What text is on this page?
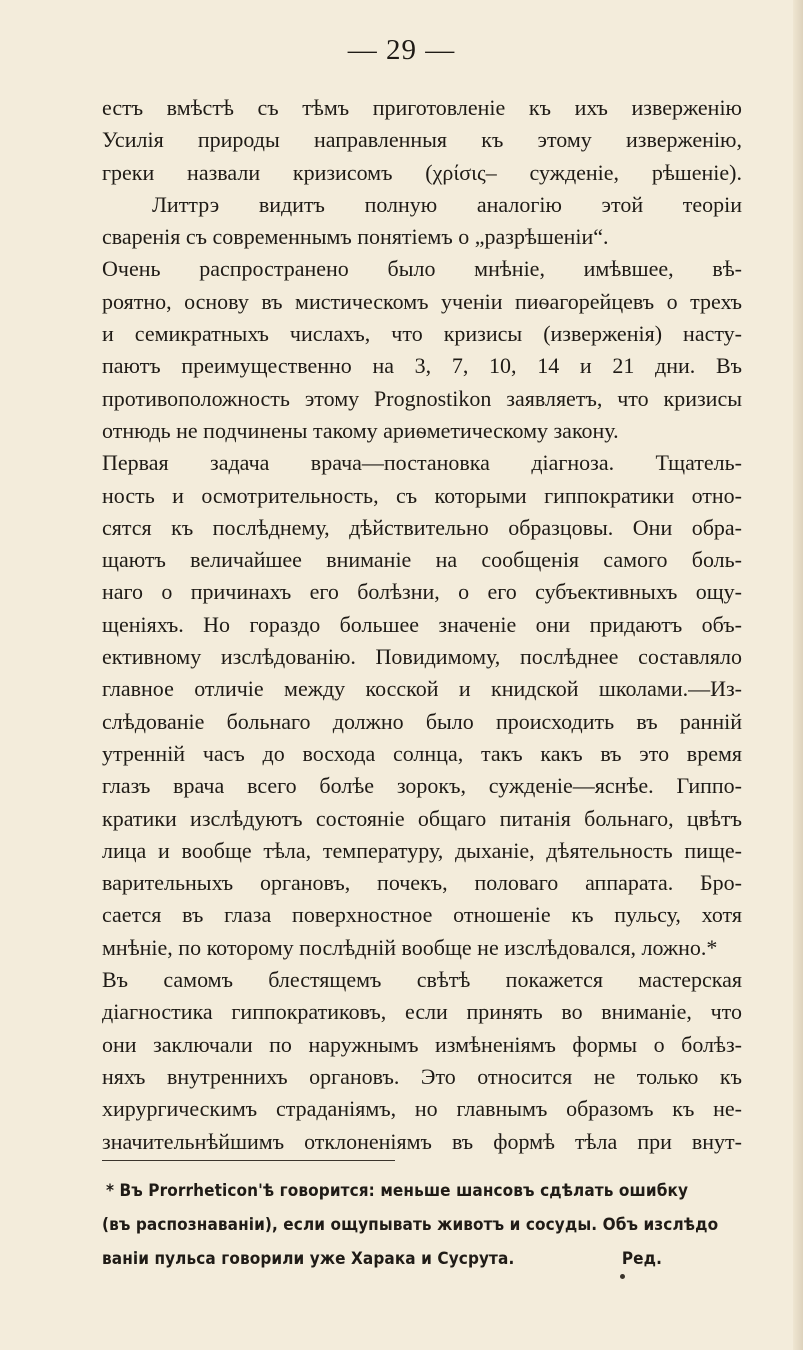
— 29 —
естъ вмѣстѣ съ тѣмъ приготовленіе къ ихъ изверженію
Усилія природы направленныя къ этому изверженію,
греки назвали кризисомъ (χρίσις– сужденіе, рѣшеніе).
Литтрэ видитъ полную аналогію этой теоріи
сваренія съ современнымъ понятіемъ о „разрѣшеніи“.
Очень распространено было мнѣніе, имѣвшее, вѣ-
роятно, основу въ мистическомъ ученіи пиѳагорейцевъ о трехъ
и семикратныхъ числахъ, что кризисы (изверженія) насту-
паютъ преимущественно на 3, 7, 10, 14 и 21 дни. Въ
противоположность этому Prognostikon заявляетъ, что кризисы
отнюдь не подчинены такому ариѳметическому закону.
Первая задача врача—постановка діагноза. Тщатель-
ность и осмотрительность, съ которыми гиппократики отно-
сятся къ послѣднему, дѣйствительно образцовы. Они обра-
щаютъ величайшее вниманіе на сообщенія самого боль-
наго о причинахъ его болѣзни, о его субъективныхъ ощу-
щеніяхъ. Но гораздо большее значеніе они придаютъ объ-
ективному изслѣдованію. Повидимому, послѣднее составляло
главное отличіе между косской и книдской школами.—Из-
слѣдованіе больнаго должно было происходить въ ранній
утренній часъ до восхода солнца, такъ какъ въ это время
глазъ врача всего болѣе зорокъ, сужденіе—яснѣе. Гиппо-
кратики изслѣдуютъ состояніе общаго питанія больнаго, цвѣтъ
лица и вообще тѣла, температуру, дыханіе, дѣятельность пище-
варительныхъ органовъ, почекъ, половаго аппарата. Бро-
сается въ глаза поверхностное отношеніе къ пульсу, хотя
мнѣніе, по которому послѣдній вообще не изслѣдовался, ложно.*
Въ самомъ блестящемъ свѣтѣ покажется мастерская
діагностика гиппократиковъ, если принять во вниманіе, что
они заключали по наружнымъ измѣненіямъ формы о болѣз-
няхъ внутреннихъ органовъ. Это относится не только къ
хирургическимъ страданіямъ, но главнымъ образомъ къ не-
значительнѣйшимъ отклоненіямъ въ формѣ тѣла при внут-
* Въ Prorrheticon'ѣ говорится: меньше шансовъ сдѣлать ошибку
(въ распознаваніи), если ощупывать животъ и сосуды. Объ изслѣдо
ваніи пульса говорили уже Харака и Сусрута.	Ред.
